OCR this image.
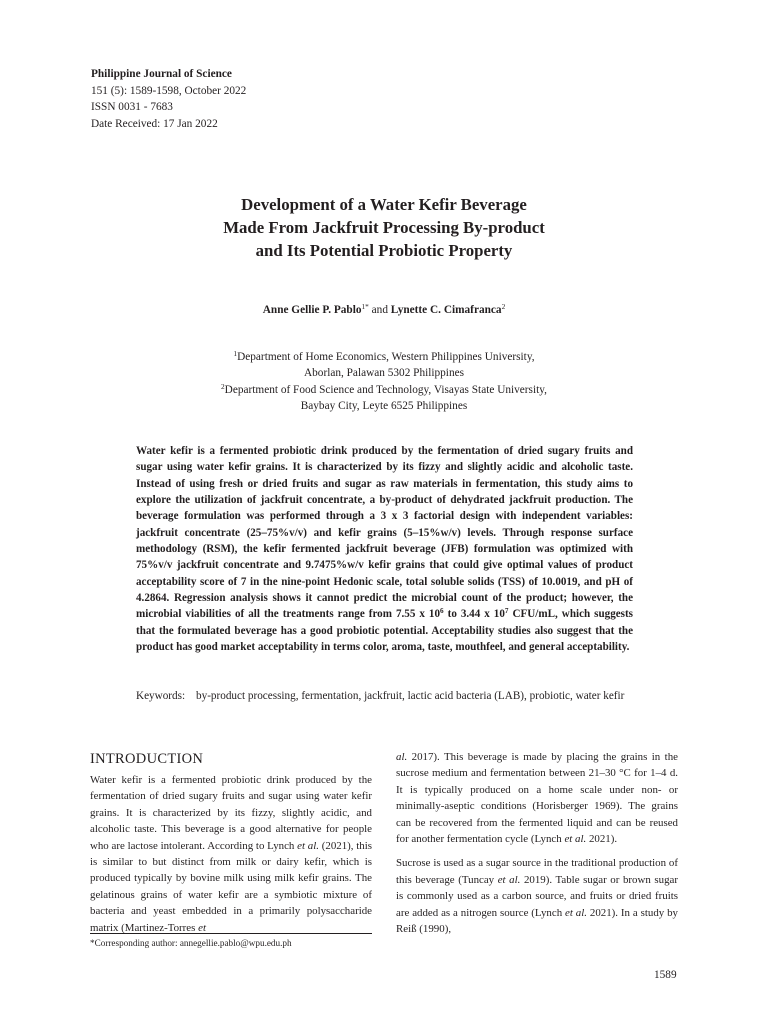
Philippine Journal of Science
151 (5): 1589-1598, October 2022
ISSN 0031 - 7683
Date Received: 17 Jan 2022
Development of a Water Kefir Beverage
Made From Jackfruit Processing By-product
and Its Potential Probiotic Property
Anne Gellie P. Pablo$^{1*}$ and Lynette C. Cimafranca$^2$
$^1$Department of Home Economics, Western Philippines University,
Aborlan, Palawan 5302 Philippines
$^2$Department of Food Science and Technology, Visayas State University,
Baybay City, Leyte 6525 Philippines
Water kefir is a fermented probiotic drink produced by the fermentation of dried sugary fruits and sugar using water kefir grains. It is characterized by its fizzy and slightly acidic and alcoholic taste. Instead of using fresh or dried fruits and sugar as raw materials in fermentation, this study aims to explore the utilization of jackfruit concentrate, a by-product of dehydrated jackfruit production. The beverage formulation was performed through a 3 x 3 factorial design with independent variables: jackfruit concentrate (25–75%v/v) and kefir grains (5–15%w/v) levels. Through response surface methodology (RSM), the kefir fermented jackfruit beverage (JFB) formulation was optimized with 75%v/v jackfruit concentrate and 9.7475%w/v kefir grains that could give optimal values of product acceptability score of 7 in the nine-point Hedonic scale, total soluble solids (TSS) of 10.0019, and pH of 4.2864. Regression analysis shows it cannot predict the microbial count of the product; however, the microbial viabilities of all the treatments range from 7.55 x $10^6$ to 3.44 x $10^7$ CFU/mL, which suggests that the formulated beverage has a good probiotic potential. Acceptability studies also suggest that the product has good market acceptability in terms color, aroma, taste, mouthfeel, and general acceptability.
Keywords: by-product processing, fermentation, jackfruit, lactic acid bacteria (LAB), probiotic, water kefir
INTRODUCTION

Water kefir is a fermented probiotic drink produced by the fermentation of dried sugary fruits and sugar using water kefir grains. It is characterized by its fizzy, slightly acidic, and alcoholic taste. This beverage is a good alternative for people who are lactose intolerant. According to Lynch et al. (2021), this is similar to but distinct from milk or dairy kefir, which is produced typically by bovine milk using milk kefir grains. The gelatinous grains of water kefir are a symbiotic mixture of bacteria and yeast embedded in a primarily polysaccharide matrix (Martinez-Torres et

al. 2017). This beverage is made by placing the grains in the sucrose medium and fermentation between 21–30 °C for 1–4 d. It is typically produced on a home scale under non- or minimally-aseptic conditions (Horisberger 1969). The grains can be recovered from the fermented liquid and can be reused for another fermentation cycle (Lynch et al. 2021).

Sucrose is used as a sugar source in the traditional production of this beverage (Tuncay et al. 2019). Table sugar or brown sugar is commonly used as a carbon source, and fruits or dried fruits are added as a nitrogen source (Lynch et al. 2021). In a study by Reiß (1990),

*Corresponding author: annegellie.pablo@wpu.edu.ph
1589
